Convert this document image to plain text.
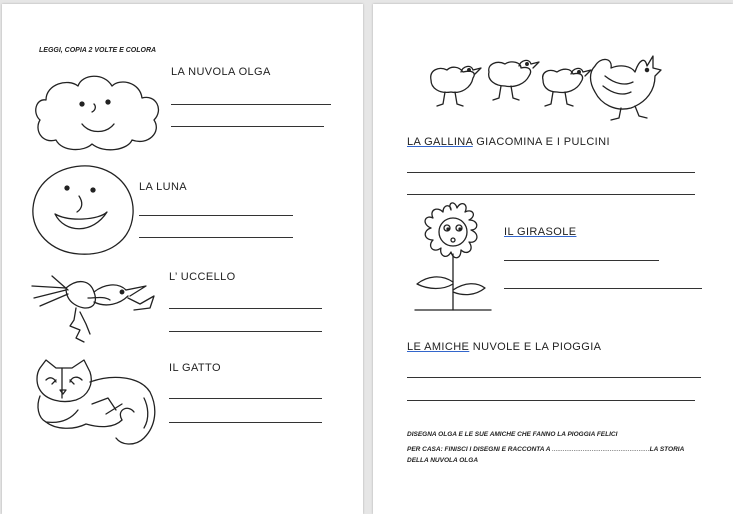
LEGGI, COPIA 2 VOLTE E COLORA
LA NUVOLA OLGA
LA LUNA
L’ UCCELLO
IL GATTO
LA GALLINA GIACOMINA E I PULCINI
IL GIRASOLE
LE AMICHE NUVOLE E LA PIOGGIA
DISEGNA OLGA E LE SUE AMICHE CHE FANNO LA PIOGGIA FELICI
PER CASA: FINISCI I DISEGNI E RACCONTA A ......................................................LA STORIA
DELLA NUVOLA OLGA
